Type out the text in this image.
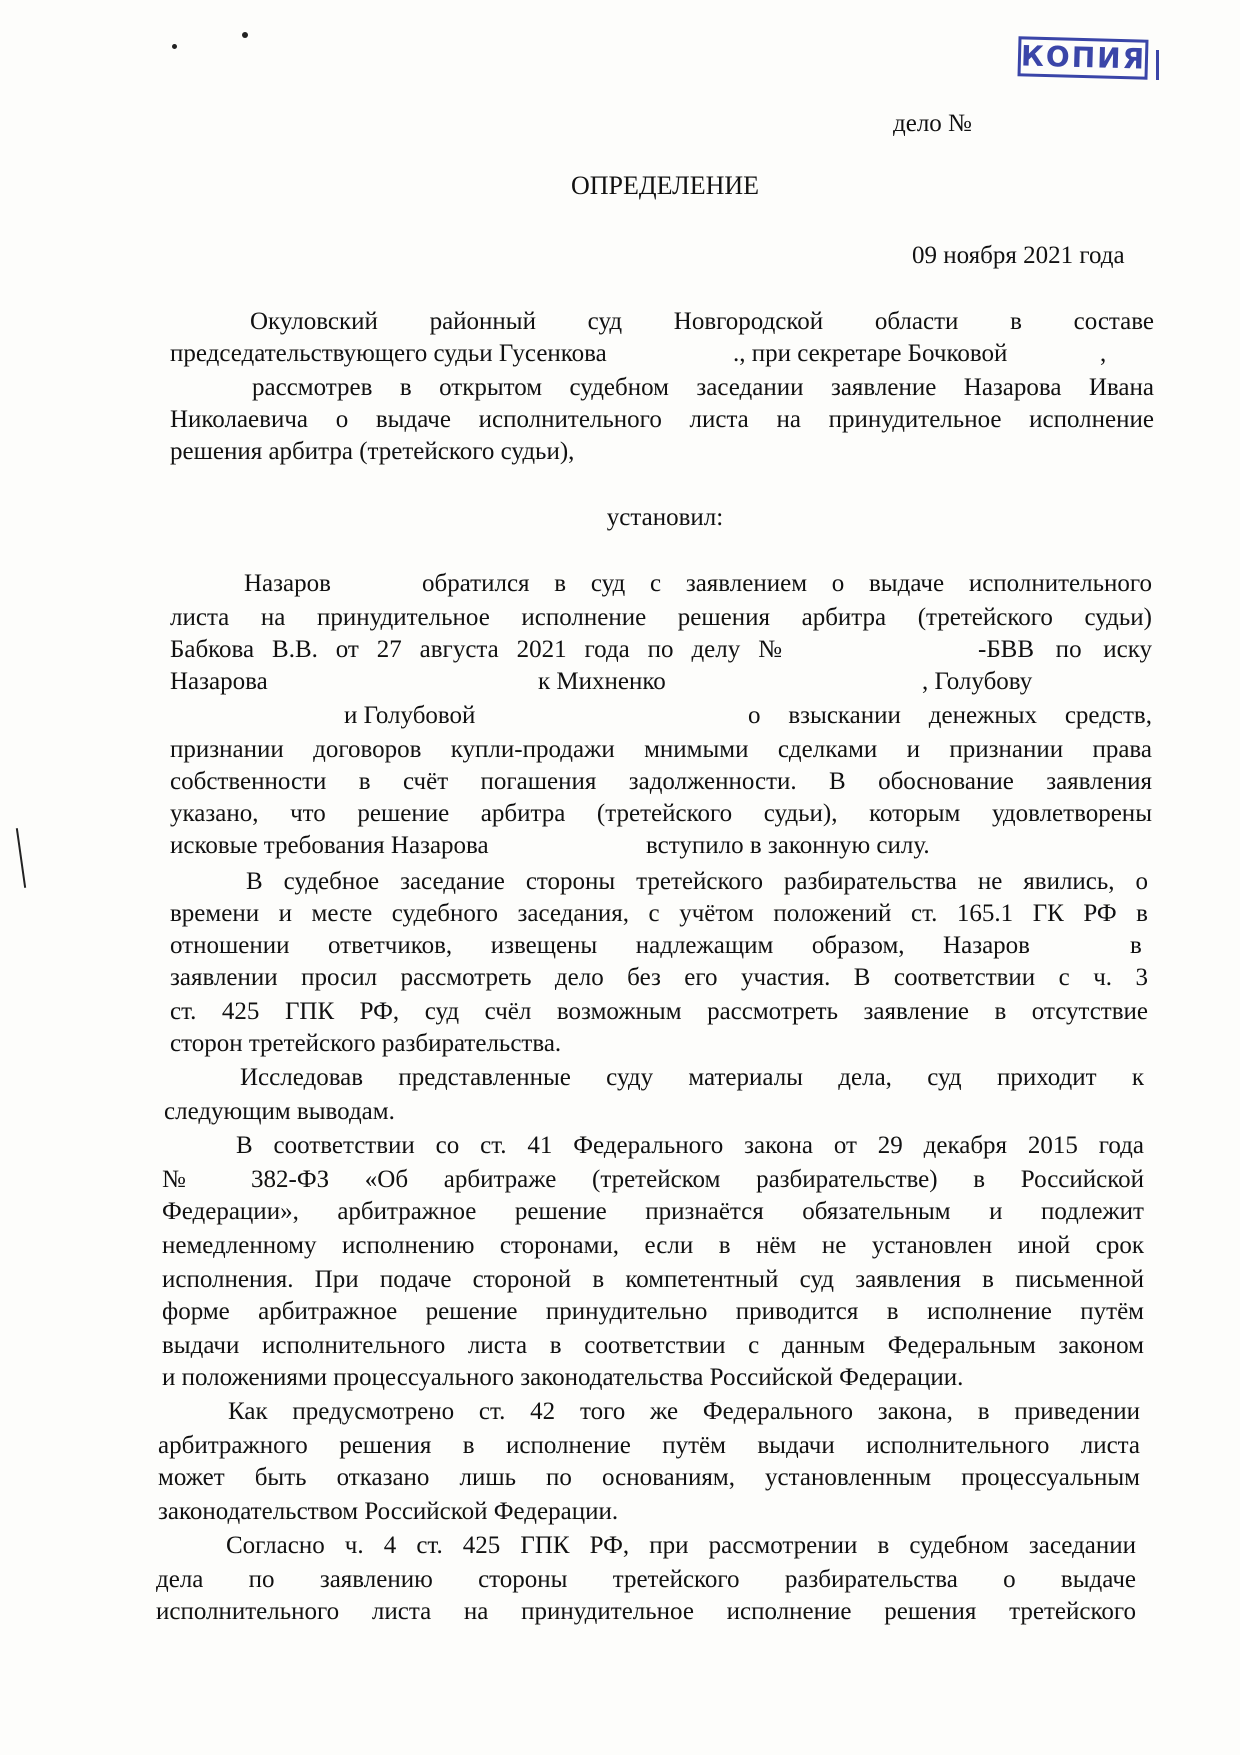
КОПИЯ
дело №
ОПРЕДЕЛЕНИЕ
09 ноября 2021 года
Окуловский районный суд Новгородской области в составе
председательствующего судьи Гусенкова	., при секретаре Бочковой	,
рассмотрев в открытом судебном заседании заявление Назарова Ивана
Николаевича о выдаче исполнительного листа на принудительное исполнение
решения арбитра (третейского судьи),
установил:
Назаров	обратился в суд с заявлением о выдаче исполнительного
листа на принудительное исполнение решения арбитра (третейского судьи)
Бабкова В.В. от 27 августа 2021 года по делу №	-БВВ по иску
Назарова	к Михненко	, Голубову
и Голубовой	о взыскании денежных средств,
признании договоров купли-продажи мнимыми сделками и признании права
собственности в счёт погашения задолженности. В обоснование заявления
указано, что решение арбитра (третейского судьи), которым удовлетворены
исковые требования Назарова	вступило в законную силу.
В судебное заседание стороны третейского разбирательства не явились, о
времени и месте судебного заседания, с учётом положений ст. 165.1 ГК РФ в
отношении ответчиков, извещены надлежащим образом, Назаров	в
заявлении просил рассмотреть дело без его участия. В соответствии с ч. 3
ст. 425 ГПК РФ, суд счёл возможным рассмотреть заявление в отсутствие
сторон третейского разбирательства.
Исследовав представленные суду материалы дела, суд приходит к
следующим выводам.
В соответствии со ст. 41 Федерального закона от 29 декабря 2015 года
№ 382-ФЗ «Об арбитраже (третейском разбирательстве) в Российской
Федерации», арбитражное решение признаётся обязательным и подлежит
немедленному исполнению сторонами, если в нём не установлен иной срок
исполнения. При подаче стороной в компетентный суд заявления в письменной
форме арбитражное решение принудительно приводится в исполнение путём
выдачи исполнительного листа в соответствии с данным Федеральным законом
и положениями процессуального законодательства Российской Федерации.
Как предусмотрено ст. 42 того же Федерального закона, в приведении
арбитражного решения в исполнение путём выдачи исполнительного листа
может быть отказано лишь по основаниям, установленным процессуальным
законодательством Российской Федерации.
Согласно ч. 4 ст. 425 ГПК РФ, при рассмотрении в судебном заседании
дела по заявлению стороны третейского разбирательства о выдаче
исполнительного листа на принудительное исполнение решения третейского
